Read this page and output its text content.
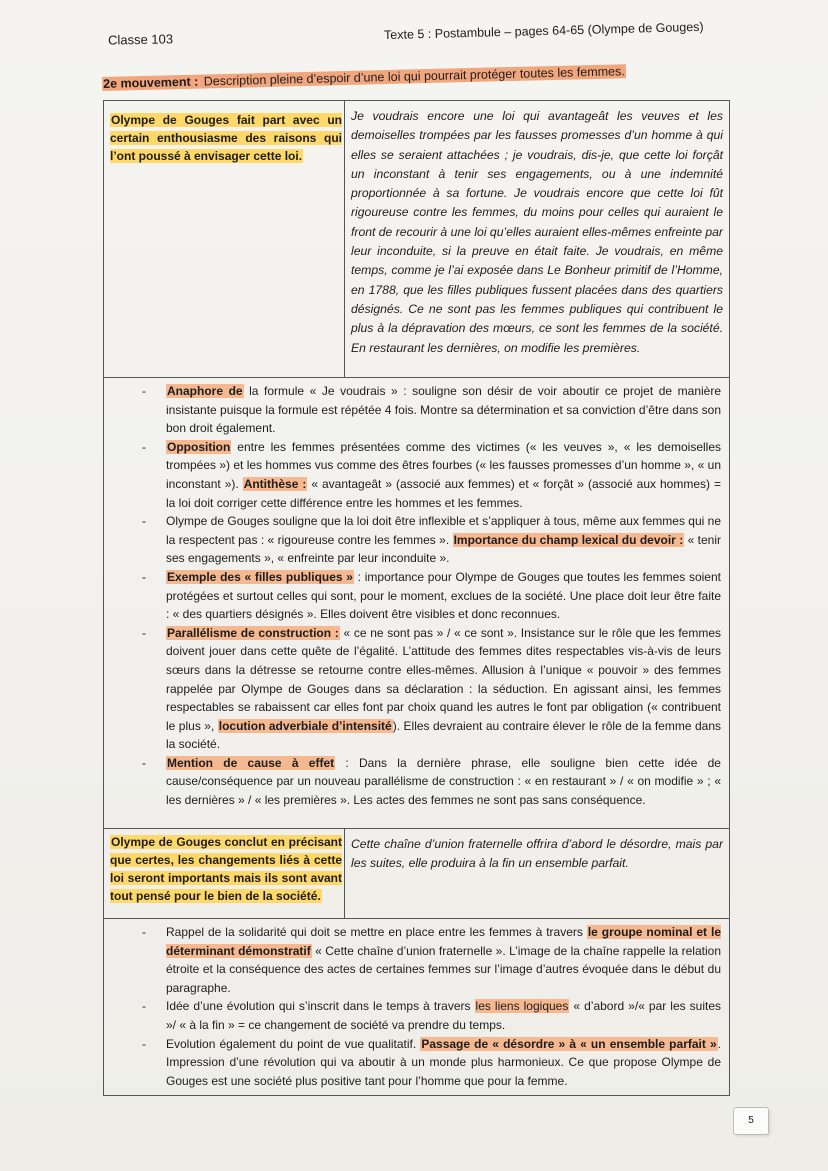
Classe 103	Texte 5 : Postambule – pages 64-65 (Olympe de Gouges)
2e mouvement : Description pleine d’espoir d’une loi qui pourrait protéger toutes les femmes.
Olympe de Gouges fait part avec un certain enthousiasme des raisons qui l’ont poussé à envisager cette loi.
Je voudrais encore une loi qui avantageât les veuves et les demoiselles trompées par les fausses promesses d’un homme à qui elles se seraient attachées ; je voudrais, dis-je, que cette loi forçât un inconstant à tenir ses engagements, ou à une indemnité proportionnée à sa fortune. Je voudrais encore que cette loi fût rigoureuse contre les femmes, du moins pour celles qui auraient le front de recourir à une loi qu’elles auraient elles-mêmes enfreinte par leur inconduite, si la preuve en était faite. Je voudrais, en même temps, comme je l’ai exposée dans Le Bonheur primitif de l’Homme, en 1788, que les filles publiques fussent placées dans des quartiers désignés. Ce ne sont pas les femmes publiques qui contribuent le plus à la dépravation des mœurs, ce sont les femmes de la société. En restaurant les dernières, on modifie les premières.
- Anaphore de la formule « Je voudrais » : souligne son désir de voir aboutir ce projet de manière insistante puisque la formule est répétée 4 fois. Montre sa détermination et sa conviction d’être dans son bon droit également.
- Opposition entre les femmes présentées comme des victimes (« les veuves », « les demoiselles trompées ») et les hommes vus comme des êtres fourbes (« les fausses promesses d’un homme », « un inconstant »). Antithèse : « avantageât » (associé aux femmes) et « forçât » (associé aux hommes) = la loi doit corriger cette différence entre les hommes et les femmes.
- Olympe de Gouges souligne que la loi doit être inflexible et s’appliquer à tous, même aux femmes qui ne la respectent pas : « rigoureuse contre les femmes ». Importance du champ lexical du devoir : « tenir ses engagements », « enfreinte par leur inconduite ».
- Exemple des « filles publiques » : importance pour Olympe de Gouges que toutes les femmes soient protégées et surtout celles qui sont, pour le moment, exclues de la société. Une place doit leur être faite : « des quartiers désignés ». Elles doivent être visibles et donc reconnues.
- Parallélisme de construction : « ce ne sont pas » / « ce sont ». Insistance sur le rôle que les femmes doivent jouer dans cette quête de l’égalité. L’attitude des femmes dites respectables vis-à-vis de leurs sœurs dans la détresse se retourne contre elles-mêmes. Allusion à l’unique « pouvoir » des femmes rappelée par Olympe de Gouges dans sa déclaration : la séduction. En agissant ainsi, les femmes respectables se rabaissent car elles font par choix quand les autres le font par obligation (« contribuent le plus », locution adverbiale d’intensité). Elles devraient au contraire élever le rôle de la femme dans la société.
- Mention de cause à effet : Dans la dernière phrase, elle souligne bien cette idée de cause/conséquence par un nouveau parallélisme de construction : « en restaurant » / « on modifie » ; « les dernières » / « les premières ». Les actes des femmes ne sont pas sans conséquence.
Olympe de Gouges conclut en précisant que certes, les changements liés à cette loi seront importants mais ils sont avant tout pensé pour le bien de la société.
Cette chaîne d’union fraternelle offrira d’abord le désordre, mais par les suites, elle produira à la fin un ensemble parfait.
- Rappel de la solidarité qui doit se mettre en place entre les femmes à travers le groupe nominal et le déterminant démonstratif « Cette chaîne d’union fraternelle ». L’image de la chaîne rappelle la relation étroite et la conséquence des actes de certaines femmes sur l’image d’autres évoquée dans le début du paragraphe.
- Idée d’une évolution qui s’inscrit dans le temps à travers les liens logiques « d’abord »/« par les suites »/ « à la fin » = ce changement de société va prendre du temps.
- Evolution également du point de vue qualitatif. Passage de « désordre » à « un ensemble parfait ». Impression d’une révolution qui va aboutir à un monde plus harmonieux. Ce que propose Olympe de Gouges est une société plus positive tant pour l’homme que pour la femme.
5
